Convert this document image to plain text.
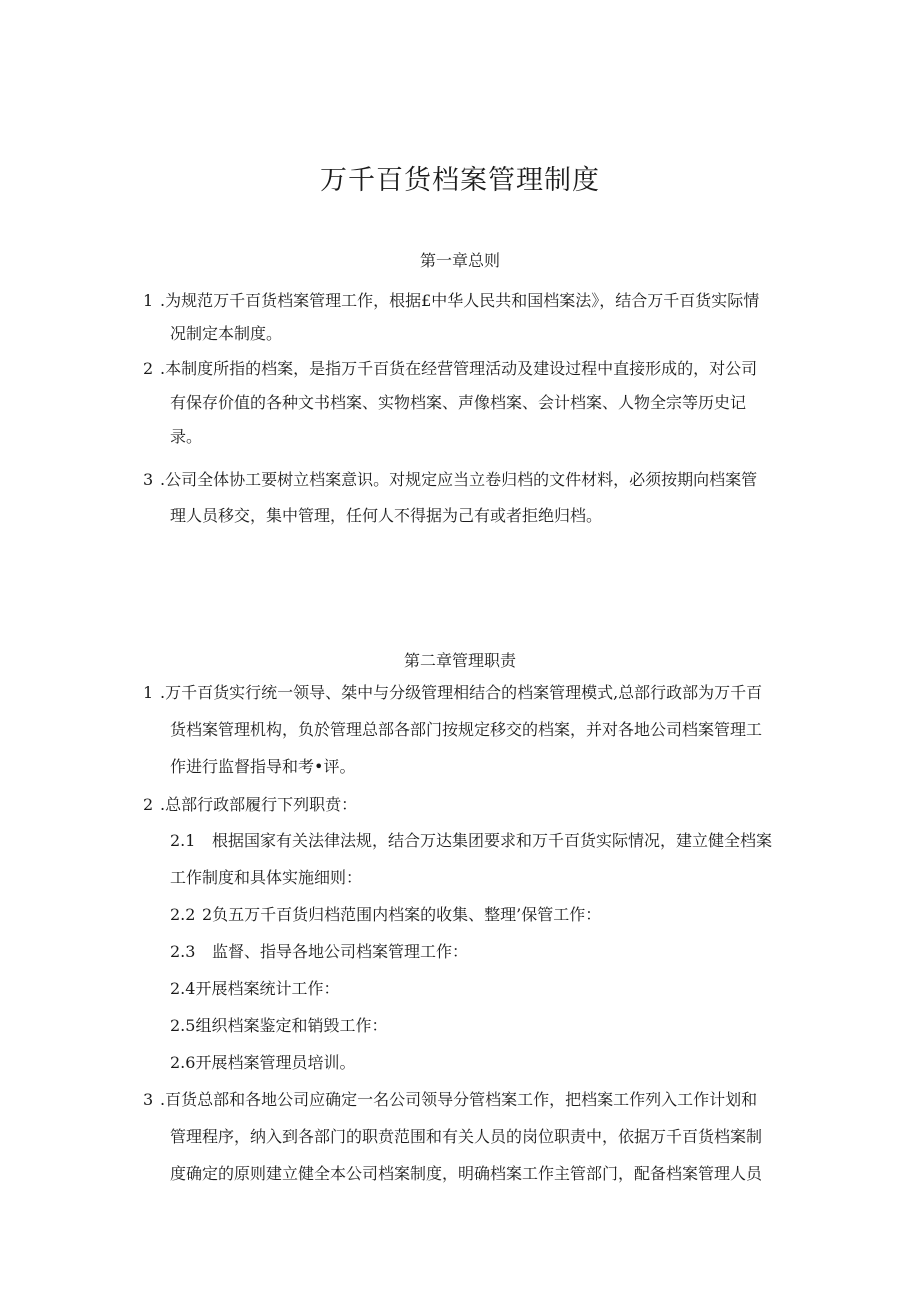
万千百货档案管理制度
第一章总则
1 .为规范万千百货档案管理工作，根据£中华人民共和国档案法》，结合万千百货实际情
况制定本制度。
2 .本制度所指的档案，是指万千百货在经营管理活动及建设过程中直接形成的，对公司
有保存价值的各种文书档案、实物档案、声像档案、会计档案、人物全宗等历史记
录。
3 .公司全体协工要树立档案意识。对规定应当立卷归档的文件材料，必须按期向档案管
理人员移交，集中管理，任何人不得据为己有或者拒绝归档。
第二章管理职责
1 .万千百货实行统一领导、桀中与分级管理相结合的档案管理模式,总部行政部为万千百
货档案管理机构，负於管理总部各部门按规定移交的档案，并对各地公司档案管理工
作进行监督指导和考•评。
2 .总部行政部履行下列职贲：
2.1 根据国家有关法律法规，结合万达集团要求和万千百货实际情况，建立健全档案
工作制度和具体实施细则：
2.2 2负五万千百货归档范围内档案的收集、整理’保管工作：
2.3 监督、指导各地公司档案管理工作：
2.4开展档案统计工作：
2.5组织档案鉴定和销毁工作：
2.6开展档案管理员培训。
3 .百货总部和各地公司应确定一名公司领导分管档案工作，把档案工作列入工作计划和
管理程序，纳入到各部门的职贲范围和有关人员的岗位职责中，依据万千百货档案制
度确定的原则建立健全本公司档案制度，明确档案工作主管部门，配备档案管理人员
